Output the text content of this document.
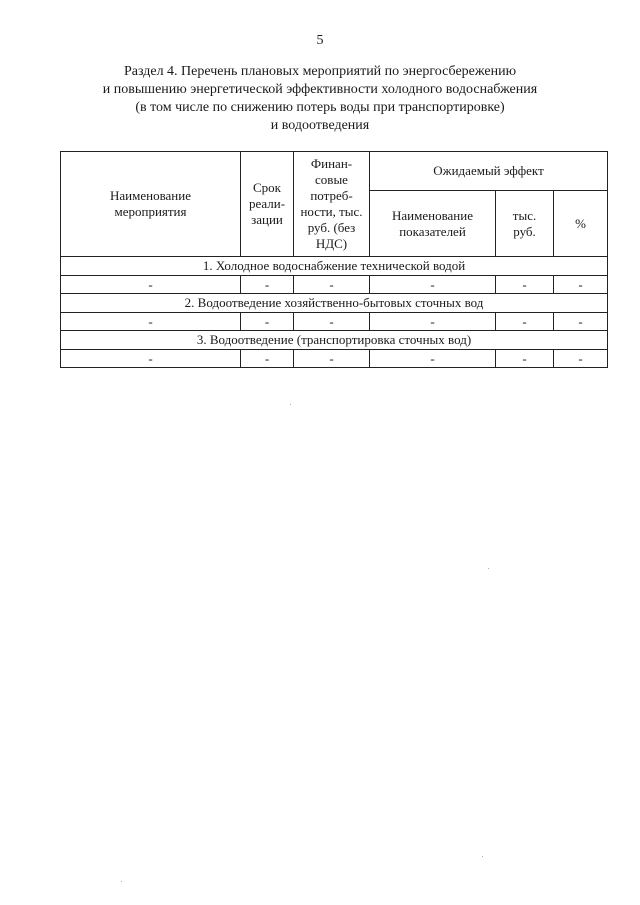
5
Раздел 4. Перечень плановых мероприятий по энергосбережению
и повышению энергетической эффективности холодного водоснабжения
(в том числе по снижению потерь воды при транспортировке)
и водоотведения
Наименование мероприятия	Срок реали-зации	Финан-совые потреб-ности, тыс. руб. (без НДС)	Ожидаемый эффект		
			Наименование показателей	тыс. руб.	%
1. Холодное водоснабжение технической водой					
-	-	-	-	-	-
2. Водоотведение хозяйственно-бытовых сточных вод					
-	-	-	-	-	-
3. Водоотведение (транспортировка сточных вод)					
-	-	-	-	-	-
